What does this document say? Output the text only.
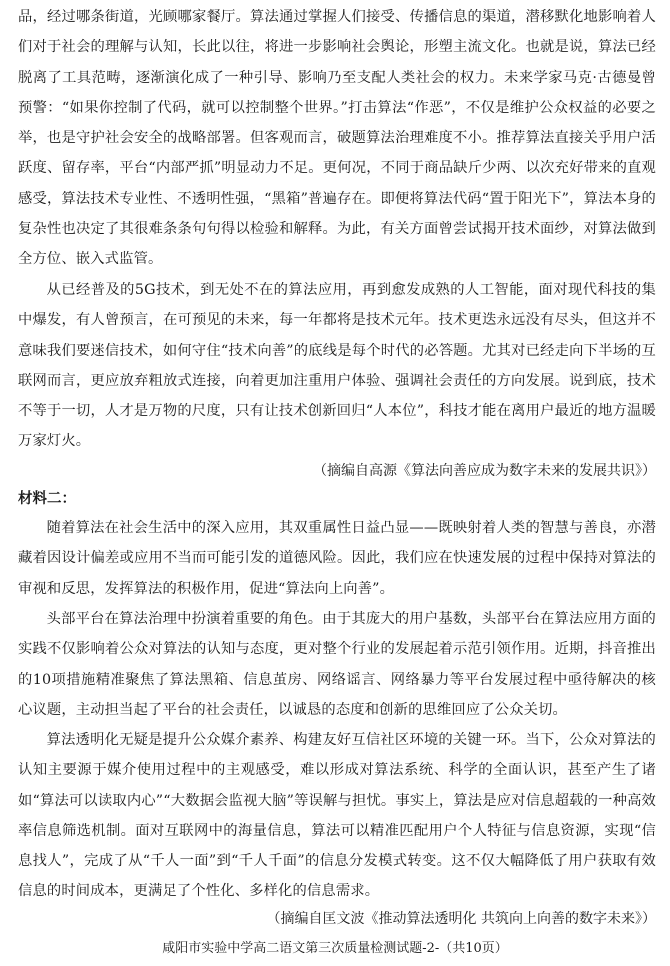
品，经过哪条街道，光顾哪家餐厅。算法通过掌握人们接受、传播信息的渠道，潜移默化地影响着人们对于社会的理解与认知，长此以往，将进一步影响社会舆论，形塑主流文化。也就是说，算法已经脱离了工具范畴，逐渐演化成了一种引导、影响乃至支配人类社会的权力。未来学家马克·古德曼曾预警：“如果你控制了代码，就可以控制整个世界。”打击算法“作恶”，不仅是维护公众权益的必要之举，也是守护社会安全的战略部署。但客观而言，破题算法治理难度不小。推荐算法直接关乎用户活跃度、留存率，平台“内部严抓”明显动力不足。更何况，不同于商品缺斤少两、以次充好带来的直观感受，算法技术专业性、不透明性强，“黑箱”普遍存在。即便将算法代码“置于阳光下”，算法本身的复杂性也决定了其很难条条句句得以检验和解释。为此，有关方面曾尝试揭开技术面纱，对算法做到全方位、嵌入式监管。

从已经普及的5G技术，到无处不在的算法应用，再到愈发成熟的人工智能，面对现代科技的集中爆发，有人曾预言，在可预见的未来，每一年都将是技术元年。技术更迭永远没有尽头，但这并不意味我们要迷信技术，如何守住“技术向善”的底线是每个时代的必答题。尤其对已经走向下半场的互联网而言，更应放弃粗放式连接，向着更加注重用户体验、强调社会责任的方向发展。说到底，技术不等于一切，人才是万物的尺度，只有让技术创新回归“人本位”，科技才能在离用户最近的地方温暖万家灯火。

（摘编自高源《算法向善应成为数字未来的发展共识》）

材料二：

随着算法在社会生活中的深入应用，其双重属性日益凸显——既映射着人类的智慧与善良，亦潜藏着因设计偏差或应用不当而可能引发的道德风险。因此，我们应在快速发展的过程中保持对算法的审视和反思，发挥算法的积极作用，促进“算法向上向善”。

头部平台在算法治理中扮演着重要的角色。由于其庞大的用户基数，头部平台在算法应用方面的实践不仅影响着公众对算法的认知与态度，更对整个行业的发展起着示范引领作用。近期，抖音推出的10项措施精准聚焦了算法黑箱、信息茧房、网络谣言、网络暴力等平台发展过程中亟待解决的核心议题，主动担当起了平台的社会责任，以诚恳的态度和创新的思维回应了公众关切。

算法透明化无疑是提升公众媒介素养、构建友好互信社区环境的关键一环。当下，公众对算法的认知主要源于媒介使用过程中的主观感受，难以形成对算法系统、科学的全面认识，甚至产生了诸如“算法可以读取内心”“大数据会监视大脑”等误解与担忧。事实上，算法是应对信息超载的一种高效率信息筛选机制。面对互联网中的海量信息，算法可以精准匹配用户个人特征与信息资源，实现“信息找人”，完成了从“千人一面”到“千人千面”的信息分发模式转变。这不仅大幅降低了用户获取有效信息的时间成本，更满足了个性化、多样化的信息需求。

（摘编自匡文波《推动算法透明化 共筑向上向善的数字未来》）

咸阳市实验中学高二语文第三次质量检测试题-2-（共10页）
